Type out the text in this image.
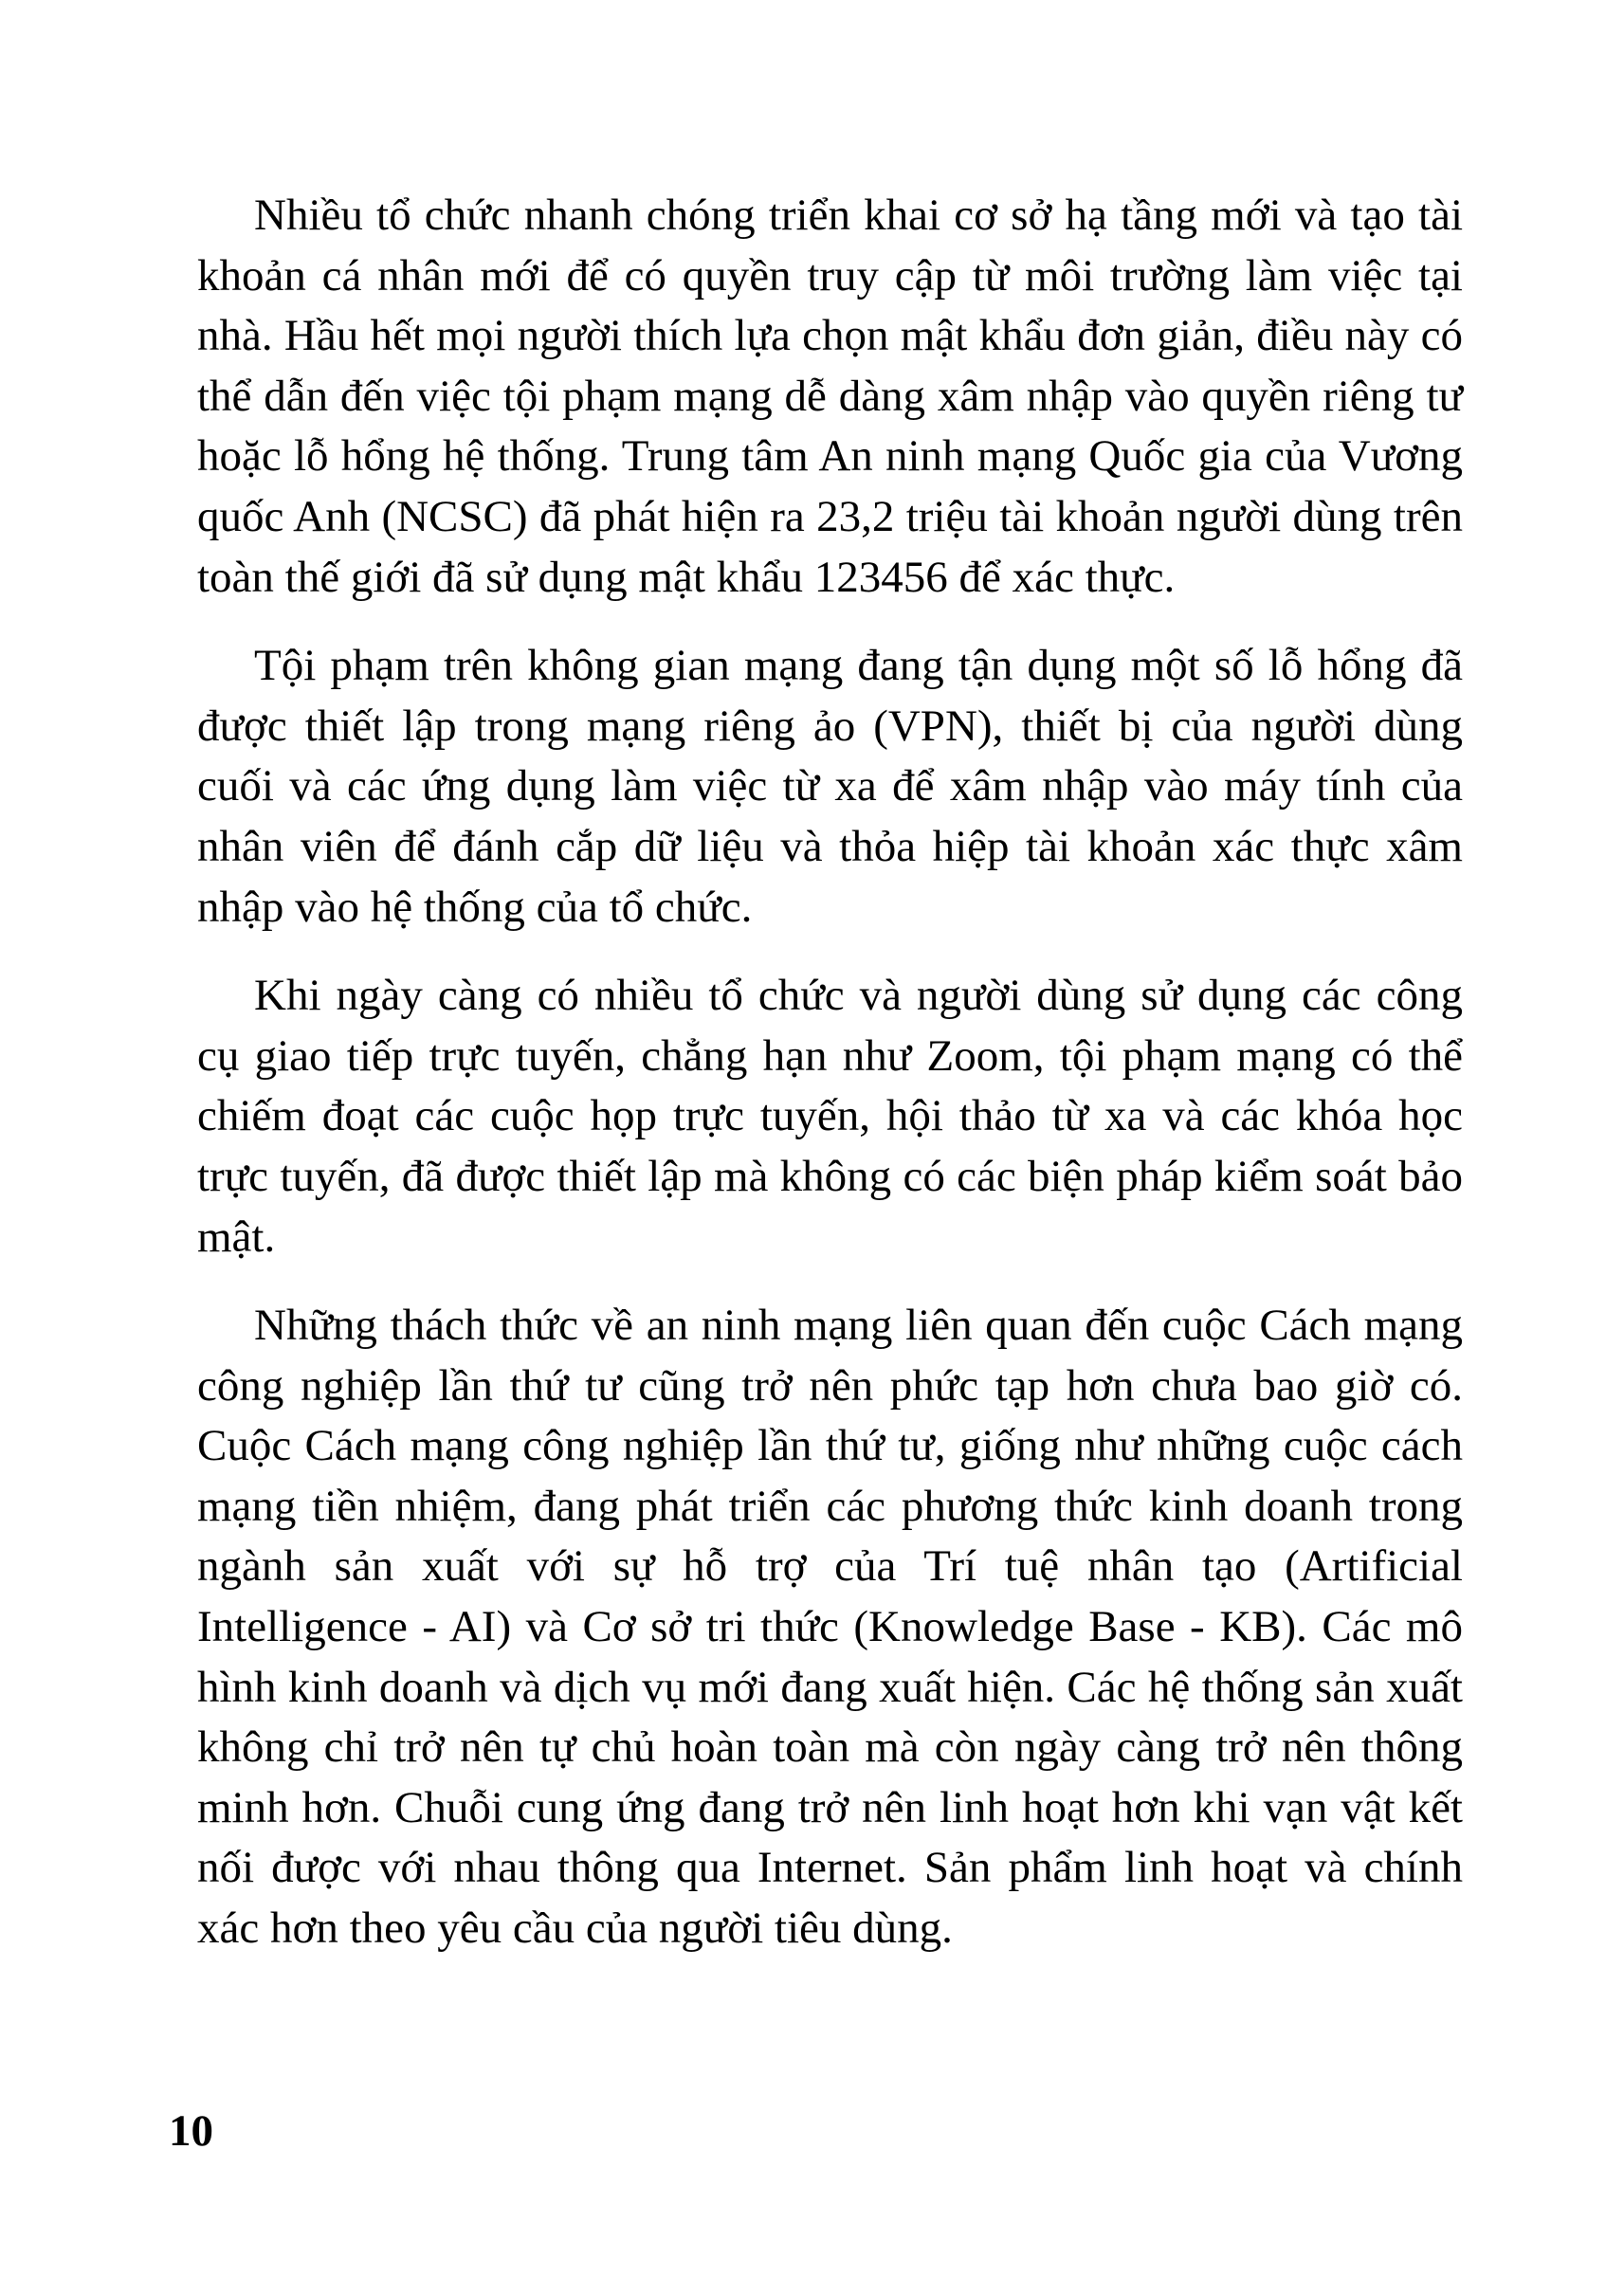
Nhiều tổ chức nhanh chóng triển khai cơ sở hạ tầng mới và tạo tài khoản cá nhân mới để có quyền truy cập từ môi trường làm việc tại nhà. Hầu hết mọi người thích lựa chọn mật khẩu đơn giản, điều này có thể dẫn đến việc tội phạm mạng dễ dàng xâm nhập vào quyền riêng tư hoặc lỗ hổng hệ thống. Trung tâm An ninh mạng Quốc gia của Vương quốc Anh (NCSC) đã phát hiện ra 23,2 triệu tài khoản người dùng trên toàn thế giới đã sử dụng mật khẩu 123456 để xác thực.

Tội phạm trên không gian mạng đang tận dụng một số lỗ hổng đã được thiết lập trong mạng riêng ảo (VPN), thiết bị của người dùng cuối và các ứng dụng làm việc từ xa để xâm nhập vào máy tính của nhân viên để đánh cắp dữ liệu và thỏa hiệp tài khoản xác thực xâm nhập vào hệ thống của tổ chức.

Khi ngày càng có nhiều tổ chức và người dùng sử dụng các công cụ giao tiếp trực tuyến, chẳng hạn như Zoom, tội phạm mạng có thể chiếm đoạt các cuộc họp trực tuyến, hội thảo từ xa và các khóa học trực tuyến, đã được thiết lập mà không có các biện pháp kiểm soát bảo mật.

Những thách thức về an ninh mạng liên quan đến cuộc Cách mạng công nghiệp lần thứ tư cũng trở nên phức tạp hơn chưa bao giờ có. Cuộc Cách mạng công nghiệp lần thứ tư, giống như những cuộc cách mạng tiền nhiệm, đang phát triển các phương thức kinh doanh trong ngành sản xuất với sự hỗ trợ của Trí tuệ nhân tạo (Artificial Intelligence - AI) và Cơ sở tri thức (Knowledge Base - KB). Các mô hình kinh doanh và dịch vụ mới đang xuất hiện. Các hệ thống sản xuất không chỉ trở nên tự chủ hoàn toàn mà còn ngày càng trở nên thông minh hơn. Chuỗi cung ứng đang trở nên linh hoạt hơn khi vạn vật kết nối được với nhau thông qua Internet. Sản phẩm linh hoạt và chính xác hơn theo yêu cầu của người tiêu dùng.

10
